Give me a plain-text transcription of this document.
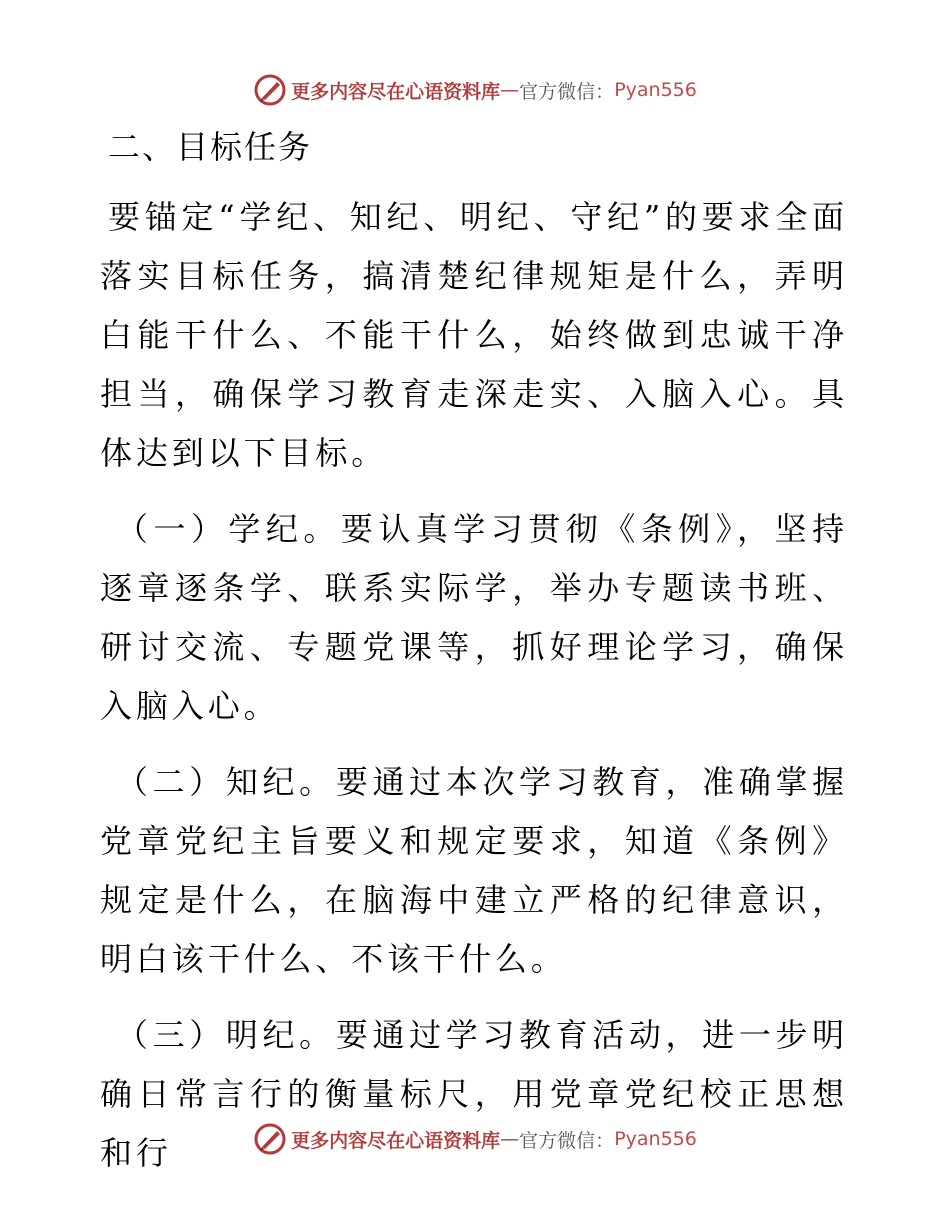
更多内容尽在心语资料库 — 官方微信： Pyan556
二、目标任务

要锚定“学纪、知纪、明纪、守纪”的要求全面落实目标任务，搞清楚纪律规矩是什么，弄明白能干什么、不能干什么，始终做到忠诚干净担当，确保学习教育走深走实、入脑入心。具体达到以下目标。

（一）学纪。要认真学习贯彻《条例》，坚持逐章逐条学、联系实际学，举办专题读书班、研讨交流、专题党课等，抓好理论学习，确保入脑入心。

（二）知纪。要通过本次学习教育，准确掌握党章党纪主旨要义和规定要求，知道《条例》规定是什么，在脑海中建立严格的纪律意识，明白该干什么、不该干什么。

（三）明纪。要通过学习教育活动，进一步明确日常言行的衡量标尺，用党章党纪校正思想和行	更多内容尽在心语资料库 — 官方微信： Pyan556
